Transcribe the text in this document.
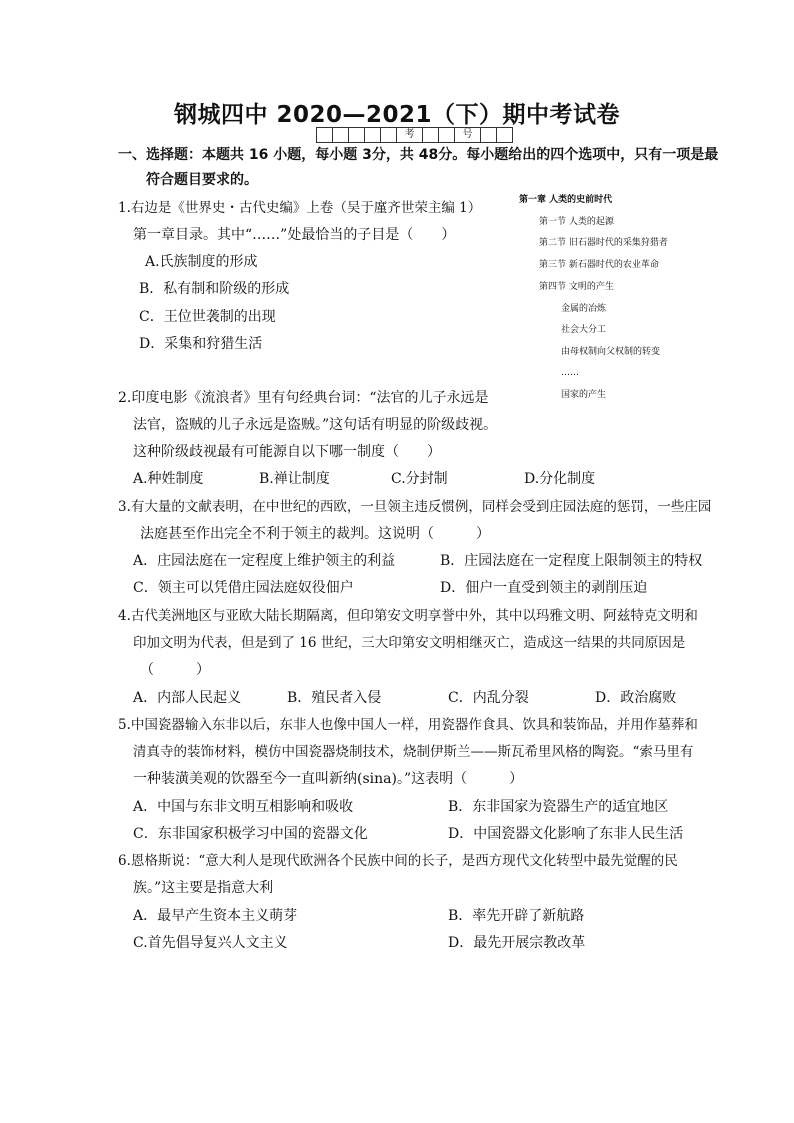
钢城四中 2020—2021（下）期中考试卷
考	号
一、选择题：本题共 16 小题，每小题 3分，共 48分。每小题给出的四个选项中，只有一项是最
符合题目要求的。
第一章 人类的史前时代
第一节 人类的起源
第二节 旧石器时代的采集狩猎者
第三节 新石器时代的农业革命
第四节 文明的产生
金属的冶炼
社会大分工
由母权制向父权制的转变
……
国家的产生
1.右边是《世界史・古代史编》上卷（吴于廑齐世荣主编 1）
第一章目录。其中“……”处最恰当的子目是（　　）
A.氏族制度的形成
B．私有制和阶级的形成
C．王位世袭制的出现
D．采集和狩猎生活
2.印度电影《流浪者》里有句经典台词：“法官的儿子永远是
法官，盗贼的儿子永远是盗贼。”这句话有明显的阶级歧视。
这种阶级歧视最有可能源自以下哪一制度（　　）
A.种姓制度	B.禅让制度	C.分封制	D.分化制度
3.有大量的文献表明，在中世纪的西欧，一旦领主违反惯例，同样会受到庄园法庭的惩罚，一些庄园
法庭甚至作出完全不利于领主的裁判。这说明（　　　）
A．庄园法庭在一定程度上维护领主的利益	B．庄园法庭在一定程度上限制领主的特权
C．领主可以凭借庄园法庭奴役佃户	D．佃户一直受到领主的剥削压迫
4.古代美洲地区与亚欧大陆长期隔离，但印第安文明享誉中外，其中以玛雅文明、阿兹特克文明和
印加文明为代表，但是到了 16 世纪，三大印第安文明相继灭亡，造成这一结果的共同原因是
（　　　）
A．内部人民起义	B．殖民者入侵	C．内乱分裂	D．政治腐败
5.中国瓷器输入东非以后，东非人也像中国人一样，用瓷器作食具、饮具和装饰品，并用作墓葬和
清真寺的装饰材料，模仿中国瓷器烧制技术，烧制伊斯兰——斯瓦希里风格的陶瓷。“索马里有
一种装潢美观的饮器至今一直叫新纳(sina)。”这表明（　　　）
A．中国与东非文明互相影响和吸收	B．东非国家为瓷器生产的适宜地区
C．东非国家积极学习中国的瓷器文化	D．中国瓷器文化影响了东非人民生活
6.恩格斯说：“意大利人是现代欧洲各个民族中间的长子，是西方现代文化转型中最先觉醒的民
族。”这主要是指意大利
A．最早产生资本主义萌芽	B．率先开辟了新航路
C.首先倡导复兴人文主义	D．最先开展宗教改革
